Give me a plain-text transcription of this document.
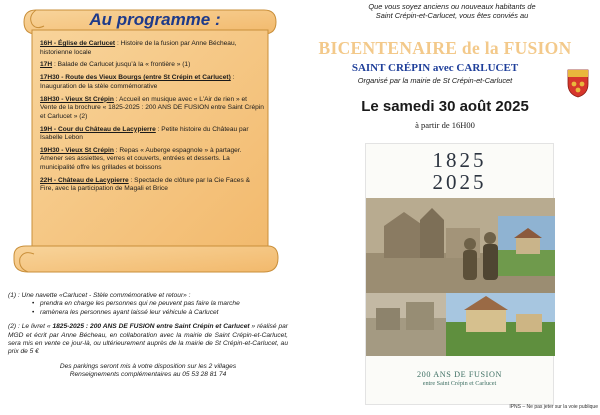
Au programme :
16H - Église de Carlucet : Histoire de la fusion par Anne Bécheau, historienne locale
17H : Balade de Carlucet jusqu’à la « frontière » (1)
17H30 - Route des Vieux Bourgs (entre St Crépin et Carlucet) : Inauguration de la stèle commémorative
18H30 - Vieux St Crépin : Accueil en musique avec « L’Air de rien » et Vente de la brochure « 1825-2025 : 200 ANS DE FUSION entre Saint Crépin et Carlucet » (2)
19H - Cour du Château de Lacypierre : Petite histoire du Château par Isabelle Lebon
19H30 - Vieux St Crépin : Repas « Auberge espagnole » à partager. Amener ses assiettes, verres et couverts, entrées et desserts. La municipalité offre les grillades et boissons
22H - Château de Lacypierre : Spectacle de clôture par la Cie Faces & Fire, avec la participation de Magali et Brice
(1) : Une navette «Carlucet - Stèle commémorative et retour» :
• prendra en charge les personnes qui ne peuvent pas faire la marche
• ramènera les personnes ayant laissé leur véhicule à Carlucet
(2) : Le livret « 1825-2025 : 200 ANS DE FUSION entre Saint Crépin et Carlucet » réalisé par MGD et écrit par Anne Bécheau, en collaboration avec la mairie de Saint Crépin-et-Carlucet, sera mis en vente ce jour-là, ou ultérieurement auprès de la mairie de St Crépin-et-Carlucet, au prix de 5 €
Des parkings seront mis à votre disposition sur les 2 villages
Renseignements complémentaires au 05 53 28 81 74
Que vous soyez anciens ou nouveaux habitants de
Saint Crépin-et-Carlucet, vous êtes conviés au
BICENTENAIRE de la FUSION
SAINT CRÉPIN avec CARLUCET
Organisé par la mairie de St Crépin-et-Carlucet
Le samedi 30 août 2025
à partir de 16H00
1825
2025
200 ANS DE FUSION
entre Saint Crépin et Carlucet
IPNS – Ne pas jeter sur la voie publique
